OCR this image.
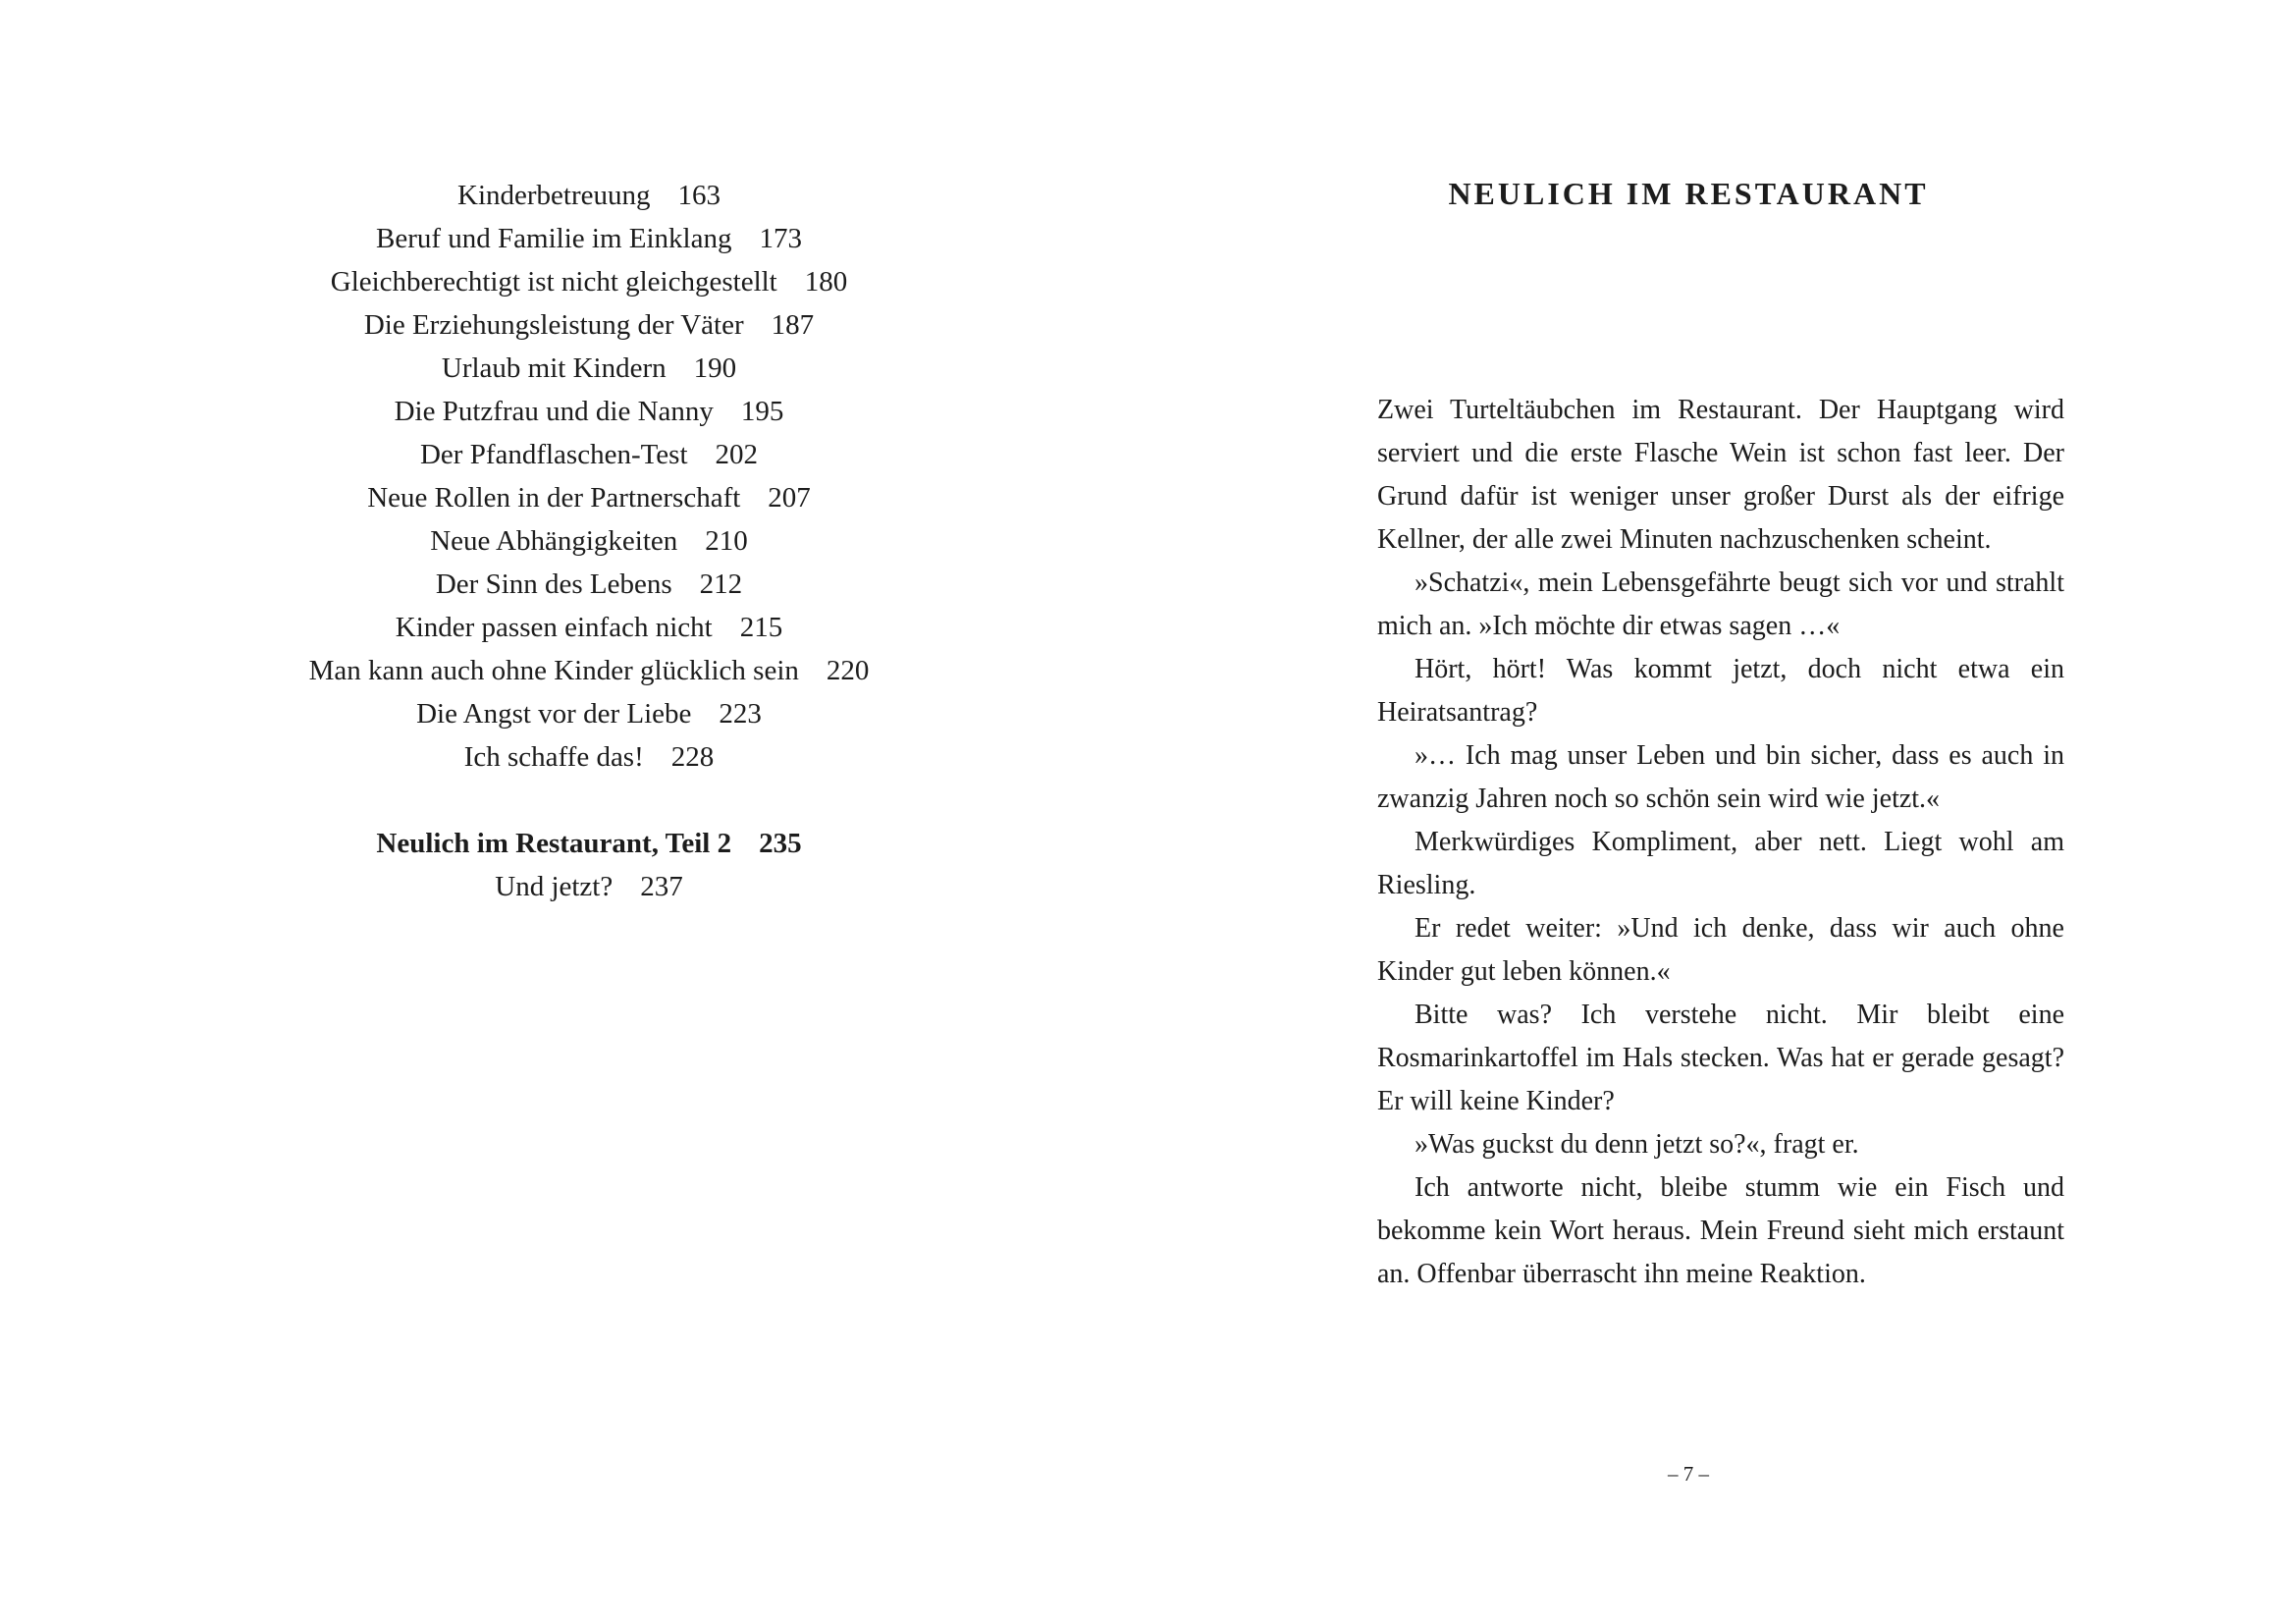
Kinderbetreuung 163
Beruf und Familie im Einklang 173
Gleichberechtigt ist nicht gleichgestellt 180
Die Erziehungsleistung der Väter 187
Urlaub mit Kindern 190
Die Putzfrau und die Nanny 195
Der Pfandflaschen-Test 202
Neue Rollen in der Partnerschaft 207
Neue Abhängigkeiten 210
Der Sinn des Lebens 212
Kinder passen einfach nicht 215
Man kann auch ohne Kinder glücklich sein 220
Die Angst vor der Liebe 223
Ich schaffe das! 228
Neulich im Restaurant, Teil 2 235
Und jetzt? 237
NEULICH IM RESTAURANT

Zwei Turteltäubchen im Restaurant. Der Hauptgang wird serviert und die erste Flasche Wein ist schon fast leer. Der Grund dafür ist weniger unser großer Durst als der eifrige Kellner, der alle zwei Minuten nachzuschenken scheint.

»Schatzi«, mein Lebensgefährte beugt sich vor und strahlt mich an. »Ich möchte dir etwas sagen …«

Hört, hört! Was kommt jetzt, doch nicht etwa ein Heiratsantrag?

»… Ich mag unser Leben und bin sicher, dass es auch in zwanzig Jahren noch so schön sein wird wie jetzt.«

Merkwürdiges Kompliment, aber nett. Liegt wohl am Riesling.

Er redet weiter: »Und ich denke, dass wir auch ohne Kinder gut leben können.«

Bitte was? Ich verstehe nicht. Mir bleibt eine Rosmarinkartoffel im Hals stecken. Was hat er gerade gesagt? Er will keine Kinder?

»Was guckst du denn jetzt so?«, fragt er.

Ich antworte nicht, bleibe stumm wie ein Fisch und bekomme kein Wort heraus. Mein Freund sieht mich erstaunt an. Offenbar überrascht ihn meine Reaktion.

– 7 –
